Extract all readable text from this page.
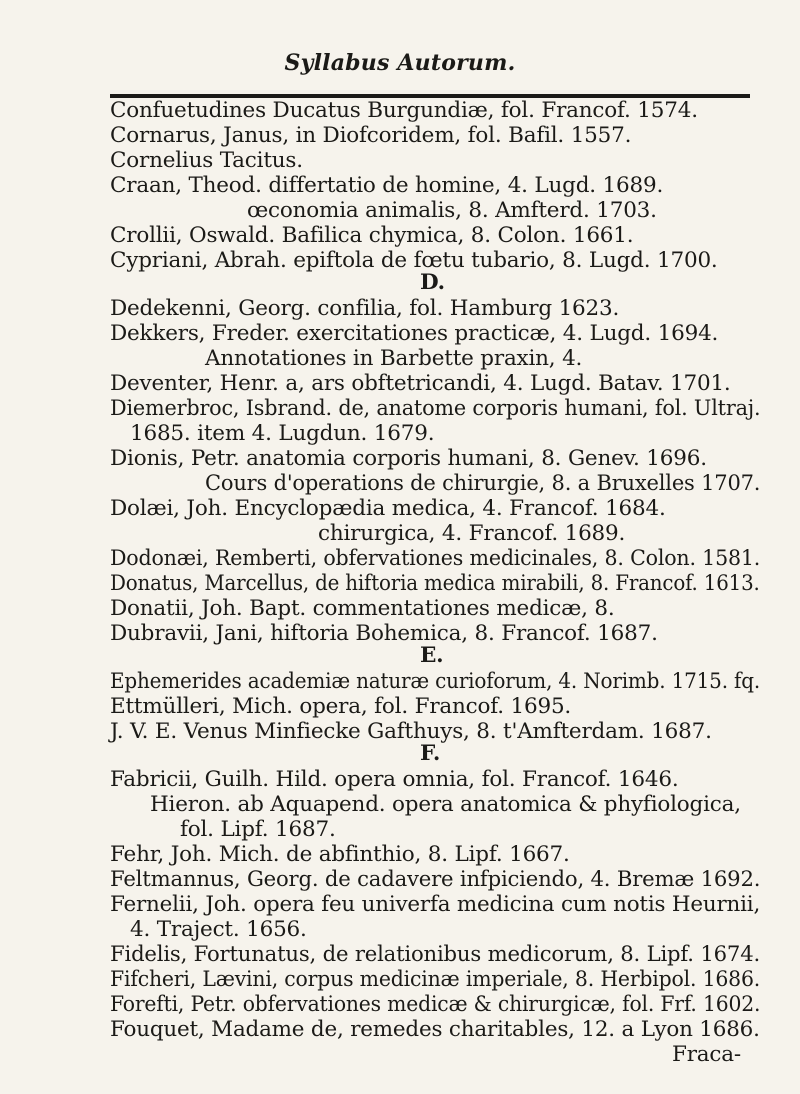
Syllabus Autorum.
Confuetudines Ducatus Burgundiæ, fol. Francof. 1574.
Cornarus, Janus, in Diofcoridem, fol. Bafil. 1557.
Cornelius Tacitus.
Craan, Theod. differtatio de homine, 4. Lugd. 1689.
œconomia animalis, 8. Amfterd. 1703.
Crollii, Oswald. Bafilica chymica, 8. Colon. 1661.
Cypriani, Abrah. epiftola de fœtu tubario, 8. Lugd. 1700.
D.
Dedekenni, Georg. confilia, fol. Hamburg 1623.
Dekkers, Freder. exercitationes practicæ, 4. Lugd. 1694.
Annotationes in Barbette praxin, 4.
Deventer, Henr. a, ars obftetricandi, 4. Lugd. Batav. 1701.
Diemerbroc, Isbrand. de, anatome corporis humani, fol. Ultraj.
1685. item 4. Lugdun. 1679.
Dionis, Petr. anatomia corporis humani, 8. Genev. 1696.
Cours d'operations de chirurgie, 8. a Bruxelles 1707.
Dolæi, Joh. Encyclopædia medica, 4. Francof. 1684.
chirurgica, 4. Francof. 1689.
Dodonæi, Remberti, obfervationes medicinales, 8. Colon. 1581.
Donatus, Marcellus, de hiftoria medica mirabili, 8. Francof. 1613.
Donatii, Joh. Bapt. commentationes medicæ, 8.
Dubravii, Jani, hiftoria Bohemica, 8. Francof. 1687.
E.
Ephemerides academiæ naturæ curioforum, 4. Norimb. 1715. fq.
Ettmülleri, Mich. opera, fol. Francof. 1695.
J. V. E. Venus Minfiecke Gafthuys, 8. t'Amfterdam. 1687.
F.
Fabricii, Guilh. Hild. opera omnia, fol. Francof. 1646.
Hieron. ab Aquapend. opera anatomica & phyfiologica,
fol. Lipf. 1687.
Fehr, Joh. Mich. de abfinthio, 8. Lipf. 1667.
Feltmannus, Georg. de cadavere infpiciendo, 4. Bremæ 1692.
Fernelii, Joh. opera feu univerfa medicina cum notis Heurnii,
4. Traject. 1656.
Fidelis, Fortunatus, de relationibus medicorum, 8. Lipf. 1674.
Fifcheri, Lævini, corpus medicinæ imperiale, 8. Herbipol. 1686.
Forefti, Petr. obfervationes medicæ & chirurgicæ, fol. Frf. 1602.
Fouquet, Madame de, remedes charitables, 12. a Lyon 1686.
Fraca-
